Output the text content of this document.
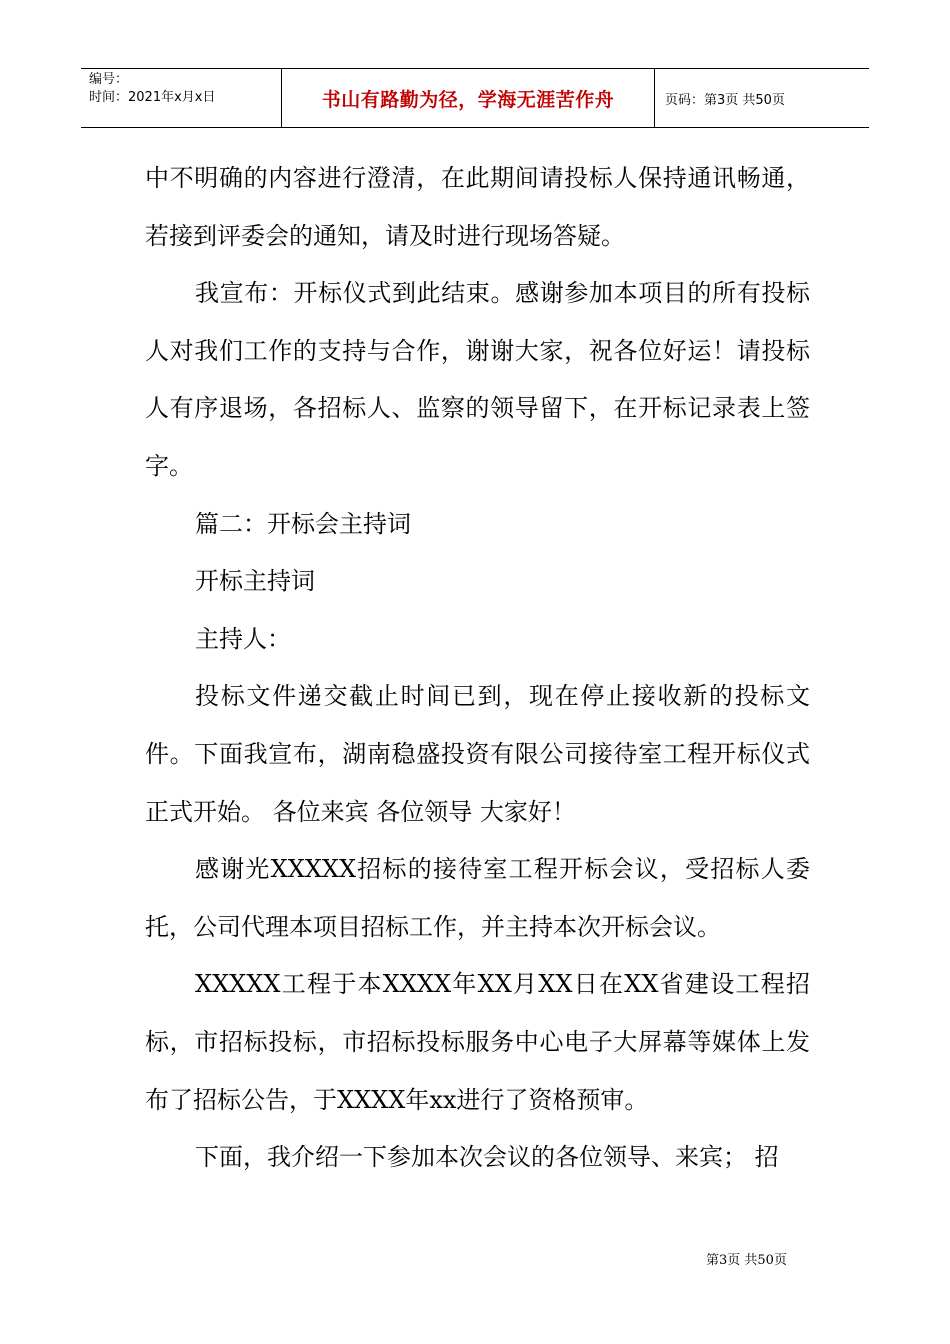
编号：
时间：2021年x月x日	书山有路勤为径，学海无涯苦作舟	页码：第3页 共50页

中不明确的内容进行澄清，在此期间请投标人保持通讯畅通，若接到评委会的通知，请及时进行现场答疑。

我宣布：开标仪式到此结束。感谢参加本项目的所有投标人对我们工作的支持与合作，谢谢大家，祝各位好运！请投标人有序退场，各招标人、监察的领导留下，在开标记录表上签字。

篇二：开标会主持词

开标主持词

主持人：

投标文件递交截止时间已到，现在停止接收新的投标文件。下面我宣布，湖南稳盛投资有限公司接待室工程开标仪式正式开始。 各位来宾 各位领导 大家好！

感谢光XXXXX招标的接待室工程开标会议，受招标人委托，公司代理本项目招标工作，并主持本次开标会议。

XXXXX工程于本XXXX年XX月XX日在XX省建设工程招标，市招标投标，市招标投标服务中心电子大屏幕等媒体上发布了招标公告，于XXXX年xx进行了资格预审。

下面，我介绍一下参加本次会议的各位领导、来宾； 招

第3页 共50页
